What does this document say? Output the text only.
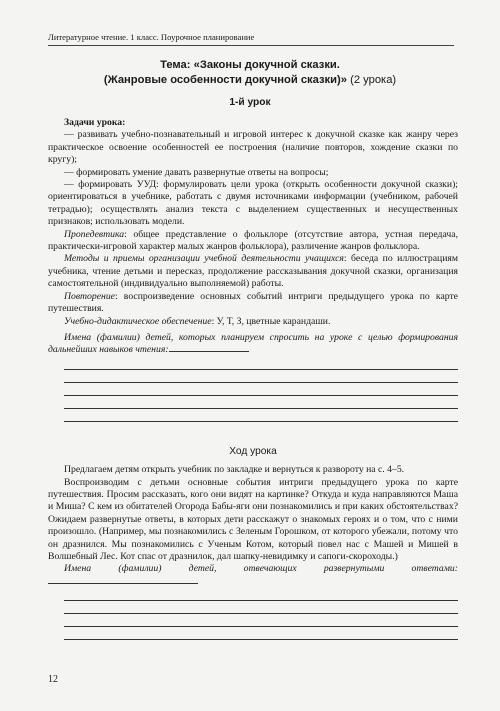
Литературное чтение. 1 класс. Поурочное планирование
Тема: «Законы докучной сказки.
(Жанровые особенности докучной сказки)» (2 урока)
1-й урок

Задачи урока:

— развивать учебно-познавательный и игровой интерес к докучной сказке как жанру через практическое освоение особенностей ее построения (наличие повторов, хождение сказки по кругу);

— формировать умение давать развернутые ответы на вопросы;

— формировать УУД: формулировать цели урока (открыть особенности докучной сказки); ориентироваться в учебнике, работать с двумя источниками информации (учебником, рабочей тетрадью); осуществлять анализ текста с выделением существенных и несущественных признаков; использовать модели.

Пропедевтика: общее представление о фольклоре (отсутствие автора, устная передача, практически-игровой характер малых жанров фольклора), различение жанров фольклора.

Методы и приемы организации учебной деятельности учащихся: беседа по иллюстрациям учебника, чтение детьми и пересказ, продолжение рассказывания докучной сказки, организация самостоятельной (индивидуально выполняемой) работы.

Повторение: воспроизведение основных событий интриги предыдущего урока по карте путешествия.

Учебно-дидактическое обеспечение: У, Т, З, цветные карандаши.

Имена (фамилии) детей, которых планируем спросить на уроке с целью формирования дальнейших навыков чтения:

Ход урока

Предлагаем детям открыть учебник по закладке и вернуться к развороту на с. 4–5.

Воспроизводим с детьми основные события интриги предыдущего урока по карте путешествия. Просим рассказать, кого они видят на картинке? Откуда и куда направляются Маша и Миша? С кем из обитателей Огорода Бабы-яги они познакомились и при каких обстоятельствах? Ожидаем развернутые ответы, в которых дети расскажут о знакомых героях и о том, что с ними произошло. (Например, мы познакомились с Зеленым Горошком, от которого убежали, потому что он дразнился. Мы познакомились с Ученым Котом, который повел нас с Машей и Мишей в Волшебный Лес. Кот спас от дразнилок, дал шапку-невидимку и сапоги-скороходы.)

Имена (фамилии) детей, отвечающих развернутыми ответами:

12
